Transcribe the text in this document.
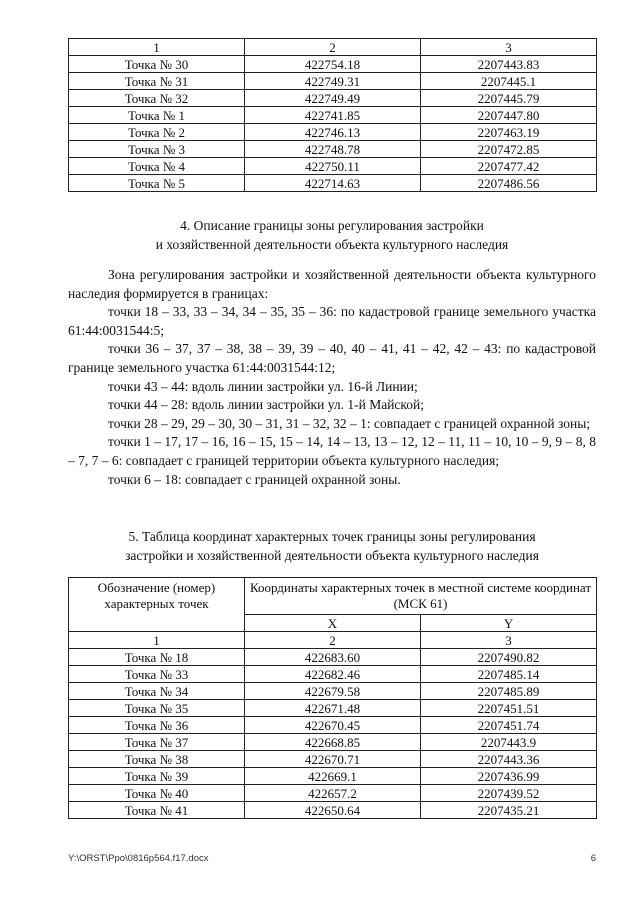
1	2	3
Точка № 30	422754.18	2207443.83
Точка № 31	422749.31	2207445.1
Точка № 32	422749.49	2207445.79
Точка № 1	422741.85	2207447.80
Точка № 2	422746.13	2207463.19
Точка № 3	422748.78	2207472.85
Точка № 4	422750.11	2207477.42
Точка № 5	422714.63	2207486.56
4. Описание границы зоны регулирования застройки
и хозяйственной деятельности объекта культурного наследия

Зона регулирования застройки и хозяйственной деятельности объекта культурного наследия формируется в границах:

точки 18 – 33, 33 – 34, 34 – 35, 35 – 36: по кадастровой границе земельного участка 61:44:0031544:5;

точки 36 – 37, 37 – 38, 38 – 39, 39 – 40, 40 – 41, 41 – 42, 42 – 43: по кадастровой границе земельного участка 61:44:0031544:12;

точки 43 – 44: вдоль линии застройки ул. 16-й Линии;

точки 44 – 28: вдоль линии застройки ул. 1-й Майской;

точки 28 – 29, 29 – 30, 30 – 31, 31 – 32, 32 – 1: совпадает с границей охранной зоны;

точки 1 – 17, 17 – 16, 16 – 15, 15 – 14, 14 – 13, 13 – 12, 12 – 11, 11 – 10, 10 – 9, 9 – 8, 8 – 7, 7 – 6: совпадает с границей территории объекта культурного наследия;

точки 6 – 18: совпадает с границей охранной зоны.

5. Таблица координат характерных точек границы зоны регулирования
застройки и хозяйственной деятельности объекта культурного наследия
Обозначение (номер) характерных точек	Координаты характерных точек в местной системе координат (МСК 61)	
	X	Y
1	2	3
Точка № 18	422683.60	2207490.82
Точка № 33	422682.46	2207485.14
Точка № 34	422679.58	2207485.89
Точка № 35	422671.48	2207451.51
Точка № 36	422670.45	2207451.74
Точка № 37	422668.85	2207443.9
Точка № 38	422670.71	2207443.36
Точка № 39	422669.1	2207436.99
Точка № 40	422657.2	2207439.52
Точка № 41	422650.64	2207435.21
Y:\ORST\Ppo\0816p564.f17.docx	6
